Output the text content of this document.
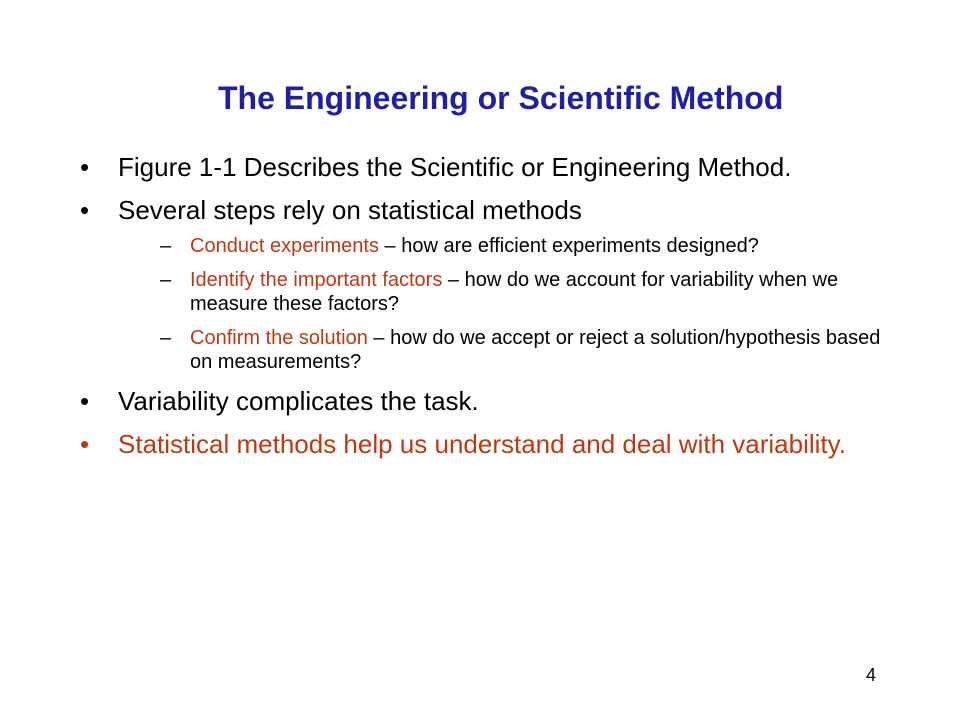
The Engineering or Scientific Method
•	Figure 1-1 Describes the Scientific or Engineering Method.
•	Several steps rely on statistical methods
– Conduct experiments – how are efficient experiments designed?
– Identify the important factors – how do we account for variability when we measure these factors?
– Confirm the solution – how do we accept or reject a solution/hypothesis based on measurements?
•	Variability complicates the task.
•	Statistical methods help us understand and deal with variability.
4
